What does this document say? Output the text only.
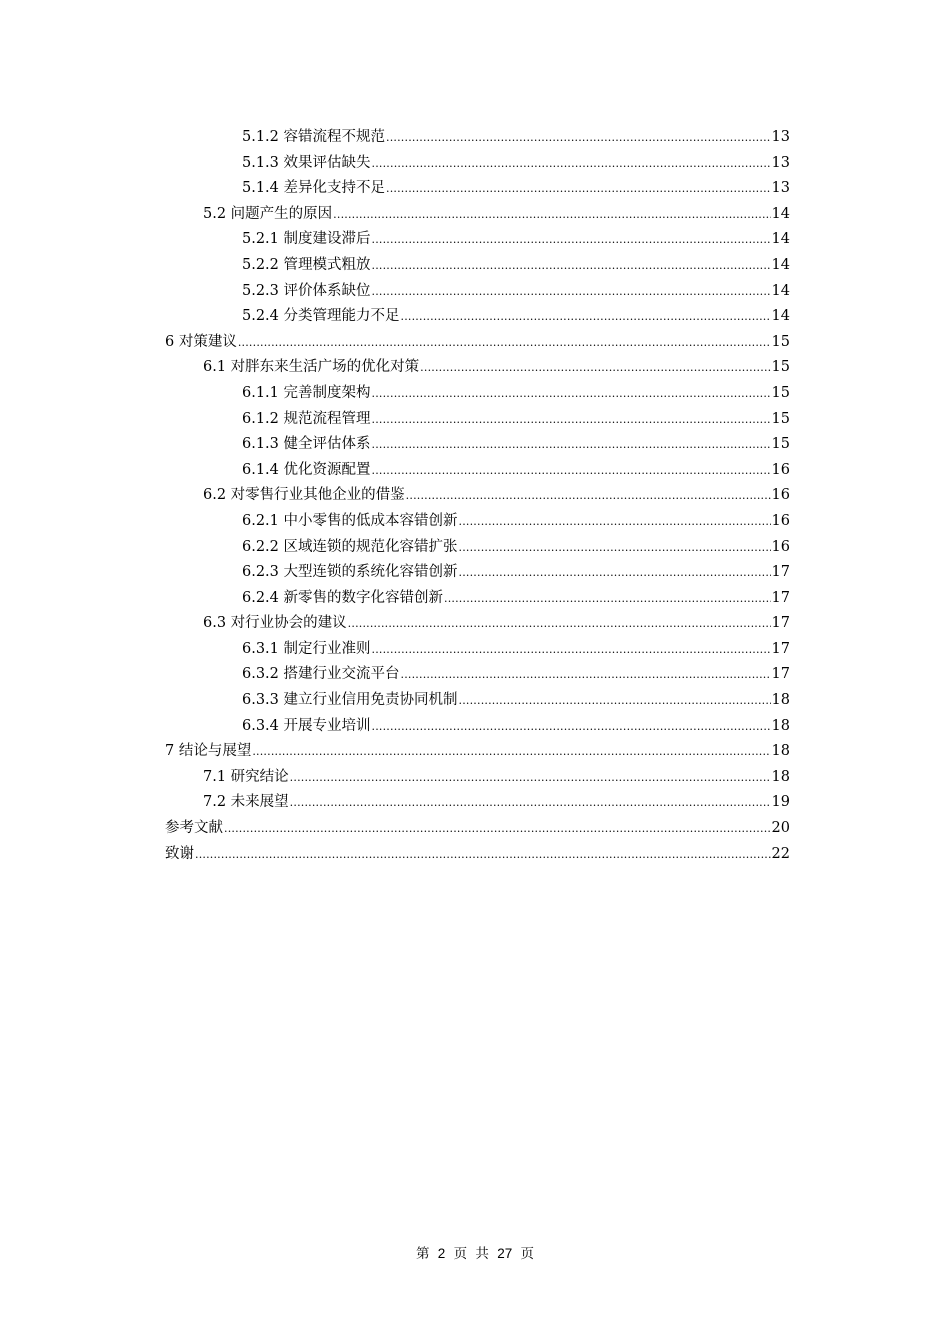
5.1.2 容错流程不规范 .....	13
5.1.3 效果评估缺失 .....	13
5.1.4 差异化支持不足 .....	13
5.2 问题产生的原因 .....	14
5.2.1 制度建设滞后 .....	14
5.2.2 管理模式粗放 .....	14
5.2.3 评价体系缺位 .....	14
5.2.4 分类管理能力不足 .....	14
6 对策建议 .....	15
6.1 对胖东来生活广场的优化对策 .....	15
6.1.1 完善制度架构 .....	15
6.1.2 规范流程管理 .....	15
6.1.3 健全评估体系 .....	15
6.1.4 优化资源配置 .....	16
6.2 对零售行业其他企业的借鉴 .....	16
6.2.1 中小零售的低成本容错创新 .....	16
6.2.2 区域连锁的规范化容错扩张 .....	16
6.2.3 大型连锁的系统化容错创新 .....	17
6.2.4 新零售的数字化容错创新 .....	17
6.3 对行业协会的建议 .....	17
6.3.1 制定行业准则 .....	17
6.3.2 搭建行业交流平台 .....	17
6.3.3 建立行业信用免责协同机制 .....	18
6.3.4 开展专业培训 .....	18
7 结论与展望 .....	18
7.1 研究结论 .....	18
7.2 未来展望 .....	19
参考文献 .....	20
致谢 .....	22
第 2 页 共 27 页
